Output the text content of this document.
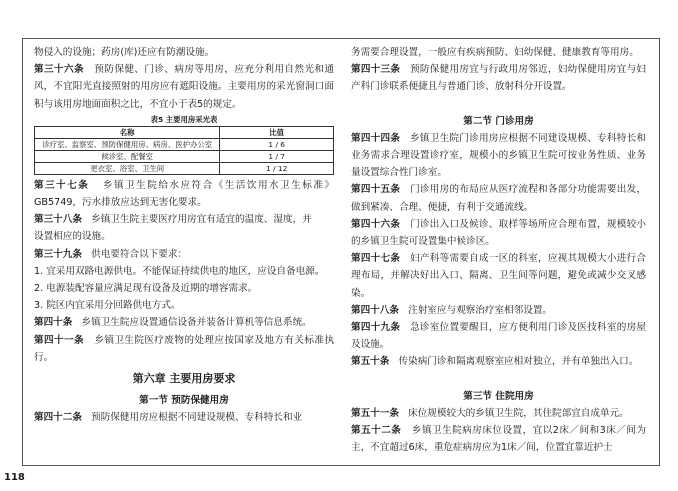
物侵入的设施；药房(库)还应有防潮设施。

第三十六条 预防保健、门诊、病房等用房，应充分利用自然光和通风，不宜阳光直接照射的用房应有遮阳设施。主要用房的采光窗洞口面积与该用房地面面积之比，不宜小于表5的规定。

表5 主要用房采光表
名称	比值
诊疗室、监察室、预防保健用房、病房、医护办公室	1 / 6
候诊室、配餐室	1 / 7
更衣室、浴室、卫生间	1 / 12

第三十七条 乡镇卫生院给水应符合《生活饮用水卫生标准》GB5749，污水排放应达到无害化要求。

第三十八条 乡镇卫生院主要医疗用房宜有适宜的温度、湿度，并

设置相应的设施。

第三十九条 供电要符合以下要求：

1. 宜采用双路电源供电。不能保证持续供电的地区，应设自备电源。

2. 电源装配容量应满足现有设备及近期的增容需求。

3. 院区内宜采用分回路供电方式。

第四十条 乡镇卫生院应设置通信设备并装备计算机等信息系统。

第四十一条 乡镇卫生院医疗废物的处理应按国家及地方有关标准执行。

第六章 主要用房要求
第一节 预防保健用房

第四十二条 预防保健用房应根据不同建设规模、专科特长和业

务需要合理设置，一般应有疾病预防、妇幼保健、健康教育等用房。

第四十三条 预防保健用房宜与行政用房邻近，妇幼保健用房宜与妇产科门诊联系便捷且与普通门诊、放射科分开设置。

第二节 门诊用房

第四十四条 乡镇卫生院门诊用房应根据不同建设规模、专科特长和业务需求合理设置诊疗室，规模小的乡镇卫生院可按业务性质、业务量设置综合性门诊室。

第四十五条 门诊用房的布局应从医疗流程和各部分功能需要出发，做到紧凑、合理、便捷，有利于交通流线。

第四十六条 门诊出入口及候诊、取样等场所应合理布置，规模较小的乡镇卫生院可设置集中候诊区。

第四十七条 妇产科等需要自成一区的科室，应视其规模大小进行合理布局，并解决好出入口、隔离、卫生间等问题，避免或减少交叉感染。

第四十八条 注射室应与观察治疗室相邻设置。

第四十九条 急诊室位置要醒目，应方便利用门诊及医技科室的房屋及设施。

第五十条 传染病门诊和隔离观察室应相对独立，并有单独出入口。

第三节 住院用房

第五十一条 床位规模较大的乡镇卫生院，其住院部宜自成单元。

第五十二条 乡镇卫生院病房床位设置，宜以2床／间和3床／间为主，不宜超过6床，重危症病房应为1床／间，位置宜靠近护士

118
